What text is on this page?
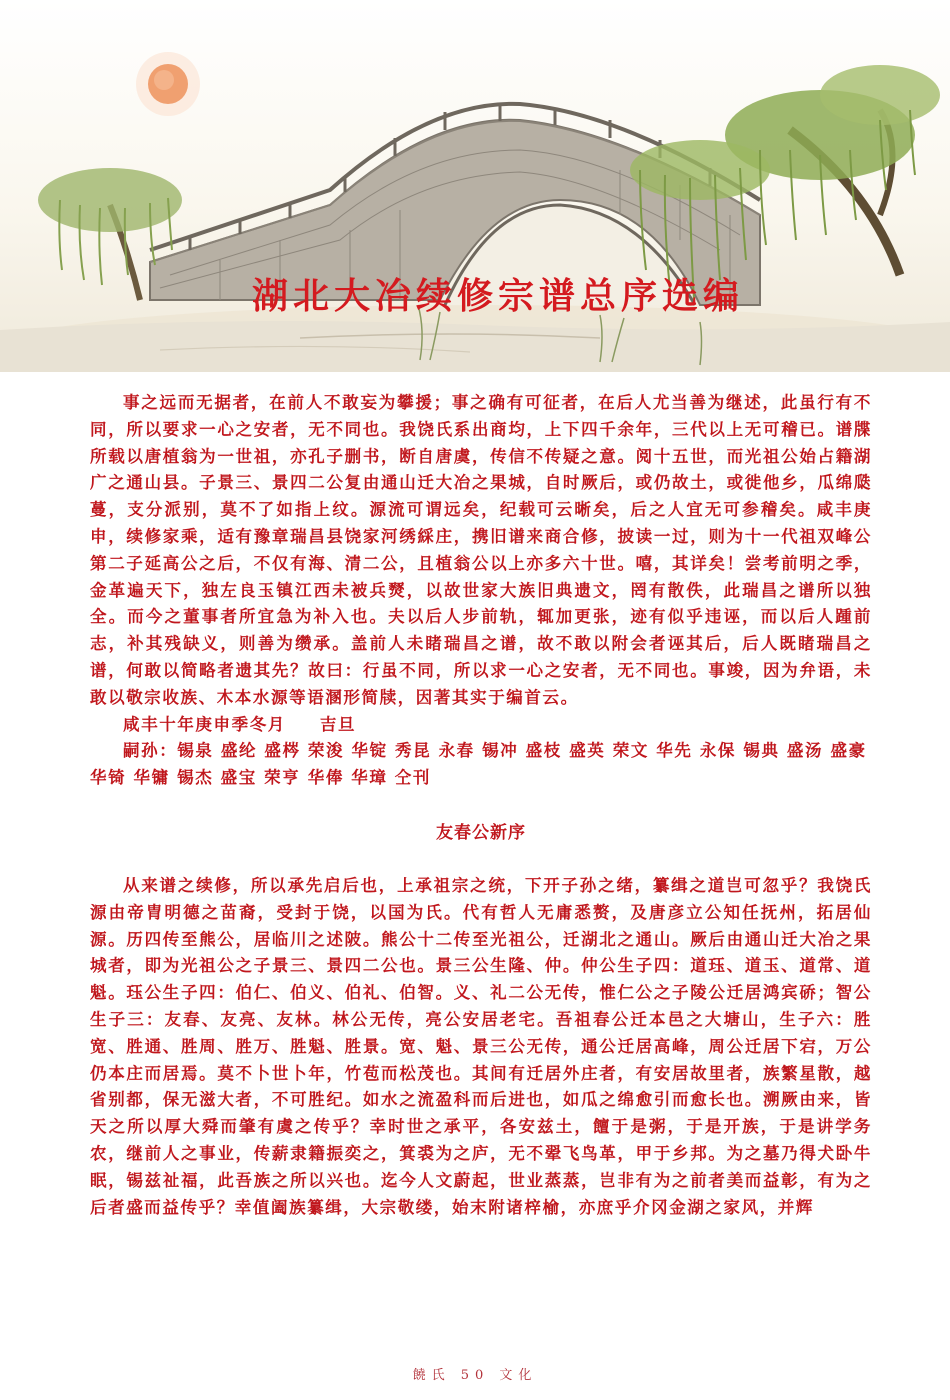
湖北大冶续修宗谱总序选编

事之远而无据者，在前人不敢妄为攀援；事之确有可征者，在后人尤当善为继述，此虽行有不同，所以要求一心之安者，无不同也。我饶氏系出商均，上下四千余年，三代以上无可稽已。谱牒所载以唐植翁为一世祖，亦孔子删书，断自唐虞，传信不传疑之意。阅十五世，而光祖公始占籍湖广之通山县。子景三、景四二公复由通山迁大冶之果城，自时厥后，或仍故土，或徙他乡，瓜绵瓞蔓，支分派别，莫不了如指上纹。源流可谓远矣，纪载可云晰矣，后之人宜无可参稽矣。咸丰庚申，续修家乘，适有豫章瑞昌县饶家河绣綵庄，携旧谱来商合修，披读一过，则为十一代祖双峰公第二子延高公之后，不仅有海、清二公，且植翁公以上亦多六十世。嘻，其详矣！尝考前明之季，金革遍天下，独左良玉镇江西未被兵燹，以故世家大族旧典遗文，罔有散佚，此瑞昌之谱所以独全。而今之董事者所宜急为补入也。夫以后人步前轨，辄加更张，迹有似乎违诬，而以后人踵前志，补其残缺义，则善为缵承。盖前人未睹瑞昌之谱，故不敢以附会者诬其后，后人既睹瑞昌之谱，何敢以简略者遗其先？故曰：行虽不同，所以求一心之安者，无不同也。事竣，因为弁语，未敢以敬宗收族、木本水源等语溷形简牍，因著其实于编首云。

咸丰十年庚申季冬月 吉旦
嗣孙：锡泉 盛纶 盛梣 荣浚 华锭 秀昆 永春 锡冲 盛枝 盛英 荣文 华先 永保 锡典 盛汤 盛豪 华锜 华镛 锡杰 盛宝 荣亨 华俸 华璋 仝刊
友春公新序

从来谱之续修，所以承先启后也，上承祖宗之统，下开子孙之绪，纂缉之道岂可忽乎？我饶氏源由帝胄明德之苗裔，受封于饶，以国为氏。代有哲人无庸悉赘，及唐彦立公知任抚州，拓居仙源。历四传至熊公，居临川之述陂。熊公十二传至光祖公，迁湖北之通山。厥后由通山迁大冶之果城者，即为光祖公之子景三、景四二公也。景三公生隆、仲。仲公生子四：道珏、道玉、道常、道魁。珏公生子四：伯仁、伯义、伯礼、伯智。义、礼二公无传，惟仁公之子陵公迁居鸿宾硚；智公生子三：友春、友亮、友林。林公无传，亮公安居老宅。吾祖春公迁本邑之大塘山，生子六：胜宽、胜通、胜周、胜万、胜魁、胜景。宽、魁、景三公无传，通公迁居高峰，周公迁居下宕，万公仍本庄而居焉。莫不卜世卜年，竹苞而松茂也。其间有迁居外庄者，有安居故里者，族繁星散，越省别都，保无滋大者，不可胜纪。如水之流盈科而后进也，如瓜之绵愈引而愈长也。溯厥由来，皆天之所以厚大舜而肇有虞之传乎？幸时世之承平，各安兹土，饘于是粥，于是开族，于是讲学务农，继前人之事业，传薪隶籍振奕之，箕裘为之庐，无不翚飞鸟革，甲于乡邦。为之墓乃得犬卧牛眠，锡兹祉福，此吾族之所以兴也。迄今人文蔚起，世业蒸蒸，岂非有为之前者美而益彰，有为之后者盛而益传乎？幸值阖族纂缉，大宗敬缕，始末附诸梓榆，亦庶乎介冈金湖之家风，并辉

饒氏 50 文化
